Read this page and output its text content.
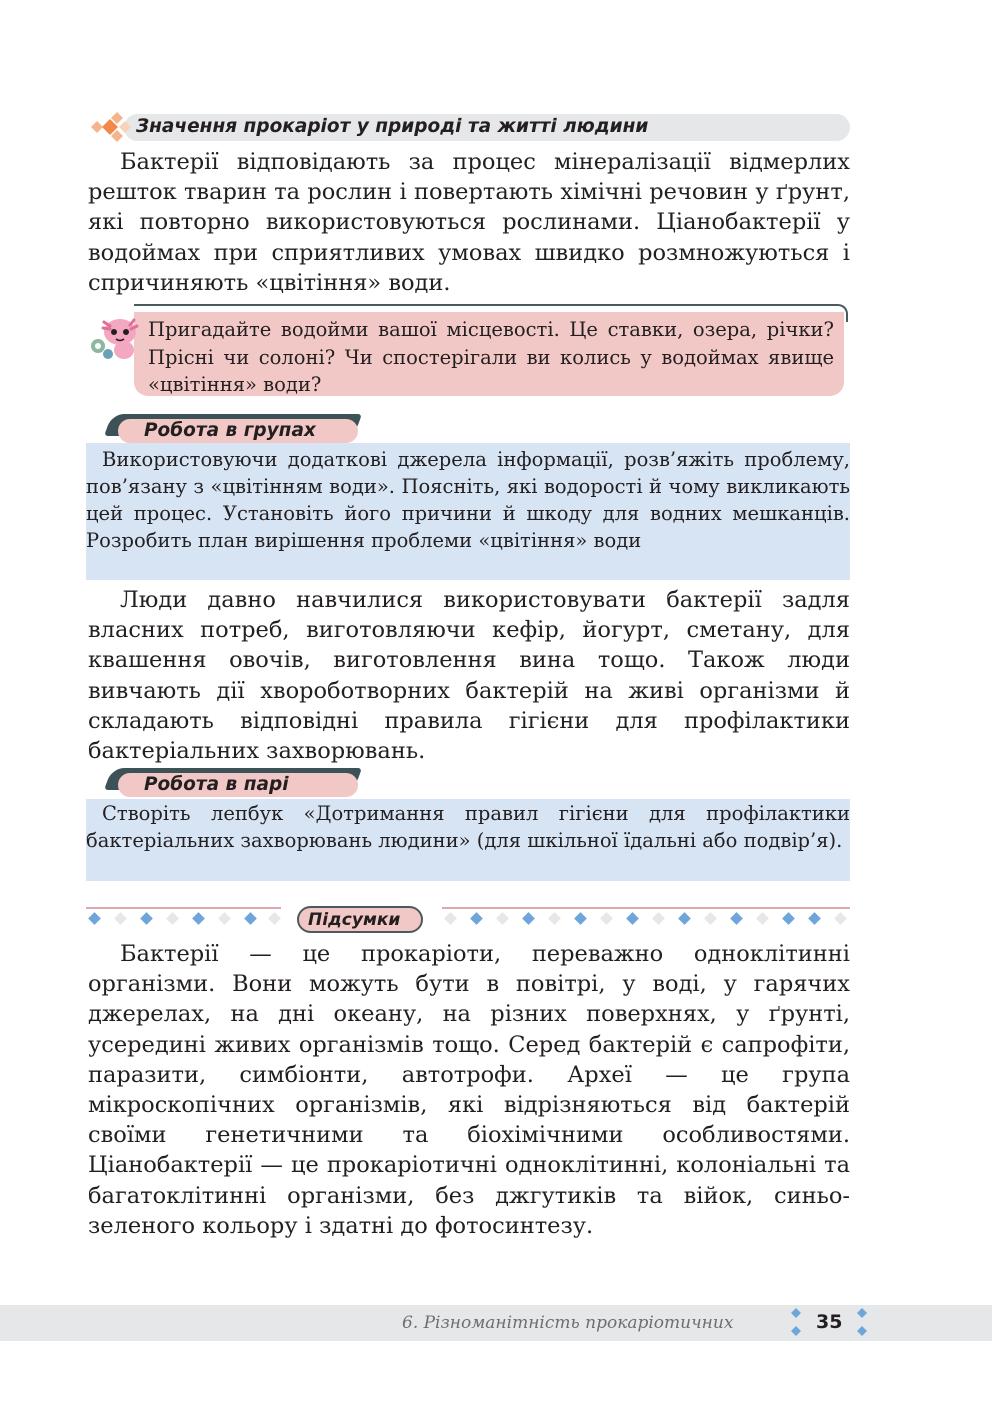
Значення прокаріот у природі та житті людини

Бактерії відповідають за процес мінералізації відмерлих решток тварин та рослин і повертають хімічні речовин у ґрунт, які повторно використовуються рослинами. Ціанобактерії у водоймах при сприятливих умовах швидко розмножуються і спричиняють «цвітіння» води.

Пригадайте водойми вашої місцевості. Це ставки, озера, річки? Прісні чи солоні? Чи спостерігали ви колись у водоймах явище «цвітіння» води?
Робота в групах
Використовуючи додаткові джерела інформації, розв’яжіть проблему, пов’язану з «цвітінням води». Поясніть, які водорості й чому викликають цей процес. Установіть його причини й шкоду для водних мешканців. Розробить план вирішення проблеми «цвітіння» води

Люди давно навчилися використовувати бактерії задля власних потреб, виготовляючи кефір, йогурт, сметану, для квашення овочів, виготовлення вина тощо. Також люди вивчають дії хвороботворних бактерій на живі організми й складають відповідні правила гігієни для профілактики бактеріальних захворювань.

Робота в парі
Створіть лепбук «Дотримання правил гігієни для профілактики бактеріальних захворювань людини» (для шкільної їдальні або подвір’я).
Підсумки

Бактерії — це прокаріоти, переважно одноклітинні організми. Вони можуть бути в повітрі, у воді, у гарячих джерелах, на дні океану, на різних поверхнях, у ґрунті, усередині живих організмів тощо. Серед бактерій є сапрофіти, паразити, симбіонти, автотрофи. Археї — це група мікроскопічних організмів, які відрізняються від бактерій своїми генетичними та біохімічними особливостями. Ціанобактерії — це прокаріотичні одноклітинні, колоніальні та багатоклітинні організми, без джгутиків та війок, синьо-зеленого кольору і здатні до фотосинтезу.

6. Різноманітність прокаріотичних	35
